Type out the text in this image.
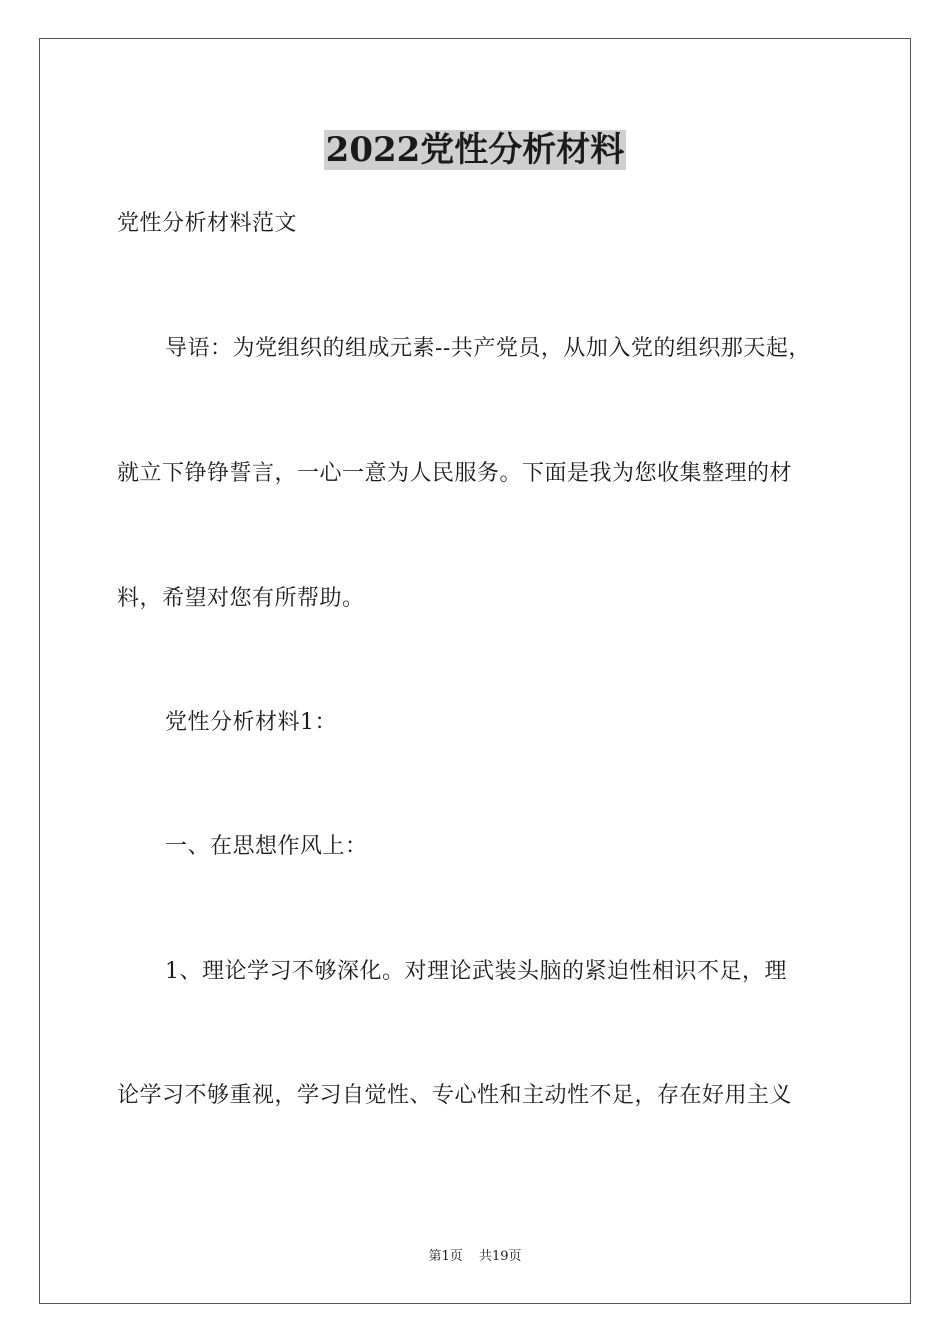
2022党性分析材料
党性分析材料范文
导语：为党组织的组成元素--共产党员，从加入党的组织那天起，
就立下铮铮誓言，一心一意为人民服务。下面是我为您收集整理的材
料，希望对您有所帮助。
党性分析材料1：
一、在思想作风上：
1、理论学习不够深化。对理论武装头脑的紧迫性相识不足，理
论学习不够重视，学习自觉性、专心性和主动性不足，存在好用主义
第1页 共19页
